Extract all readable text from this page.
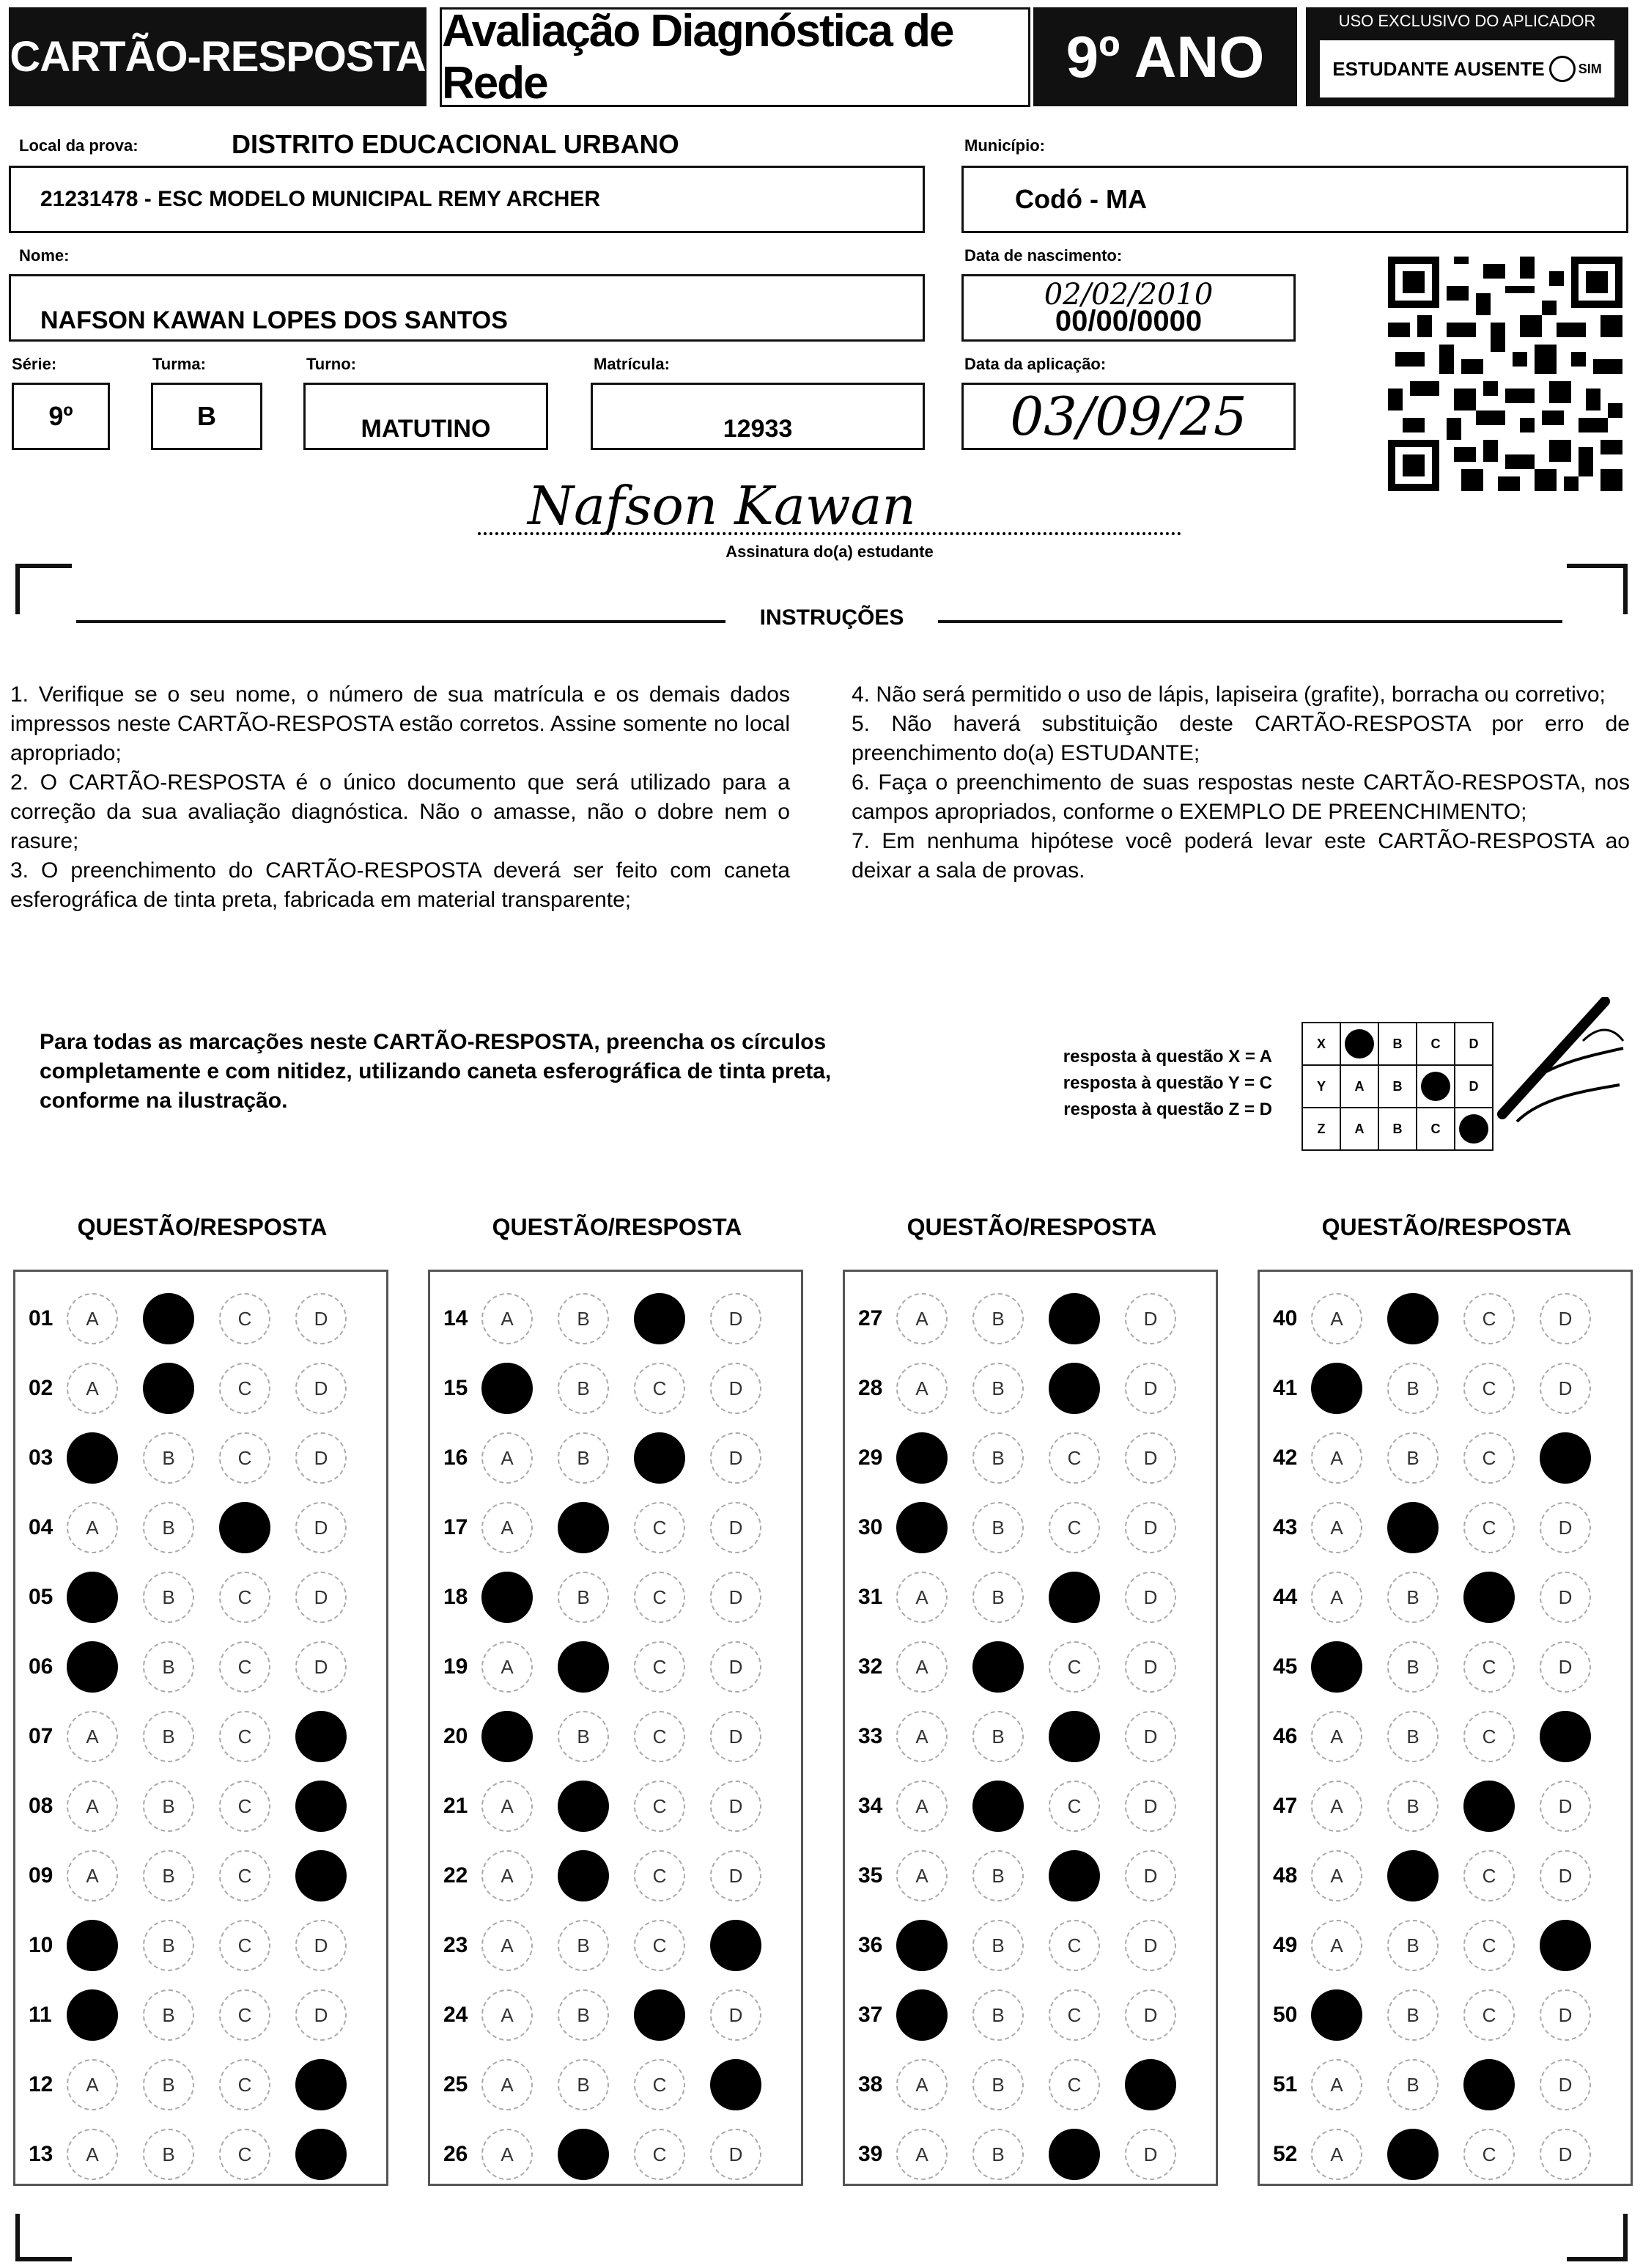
CARTÃO-RESPOSTA
Avaliação Diagnóstica de Rede	9º ANO
USO EXCLUSIVO DO APLICADOR
ESTUDANTE AUSENTE	SIM
Local da prova:	DISTRITO EDUCACIONAL URBANO
21231478 - ESC MODELO MUNICIPAL REMY ARCHER
Município:
Codó - MA
Nome:
NAFSON KAWAN LOPES DOS SANTOS
Data de nascimento:
02/02/2010
00/00/0000
Série:
9º
Turma:
B
Turno:
MATUTINO
Matrícula:
12933
Data da aplicação:
03/09/25
Nafson Kawan
Assinatura do(a) estudante
INSTRUÇÕES
1. Verifique se o seu nome, o número de sua matrícula e os demais dados impressos neste CARTÃO-RESPOSTA estão corretos. Assine somente no local apropriado;
2. O CARTÃO-RESPOSTA é o único documento que será utilizado para a correção da sua avaliação diagnóstica. Não o amasse, não o dobre nem o rasure;
3. O preenchimento do CARTÃO-RESPOSTA deverá ser feito com caneta esferográfica de tinta preta, fabricada em material transparente;
4. Não será permitido o uso de lápis, lapiseira (grafite), borracha ou corretivo;
5. Não haverá substituição deste CARTÃO-RESPOSTA por erro de preenchimento do(a) ESTUDANTE;
6. Faça o preenchimento de suas respostas neste CARTÃO-RESPOSTA, nos campos apropriados, conforme o EXEMPLO DE PREENCHIMENTO;
7. Em nenhuma hipótese você poderá levar este CARTÃO-RESPOSTA ao deixar a sala de provas.
Para todas as marcações neste CARTÃO-RESPOSTA, preencha os círculos completamente e com nitidez, utilizando caneta esferográfica de tinta preta, conforme na ilustração.
resposta à questão X = A
resposta à questão Y = C
resposta à questão Z = D
X		B	C	D
Y	A	B		D
Z	A	B	C	
QUESTÃO/RESPOSTA
01	A	C	D
02	A	C	D
03	B	C	D
04	A	B	D
05	B	C	D
06	B	C	D
07	A	B	C
08	A	B	C
09	A	B	C
10	B	C	D
11	B	C	D
12	A	B	C
13	A	B	C
QUESTÃO/RESPOSTA
14	A	B	D
15	B	C	D
16	A	B	D
17	A	C	D
18	B	C	D
19	A	C	D
20	B	C	D
21	A	C	D
22	A	C	D
23	A	B	C
24	A	B	D
25	A	B	C
26	A	C	D
QUESTÃO/RESPOSTA
27	A	B	D
28	A	B	D
29	B	C	D
30	B	C	D
31	A	B	D
32	A	C	D
33	A	B	D
34	A	C	D
35	A	B	D
36	B	C	D
37	B	C	D
38	A	B	C
39	A	B	D
QUESTÃO/RESPOSTA
40	A	C	D
41	B	C	D
42	A	B	C
43	A	C	D
44	A	B	D
45	B	C	D
46	A	B	C
47	A	B	D
48	A	C	D
49	A	B	C
50	B	C	D
51	A	B	D
52	A	C	D
